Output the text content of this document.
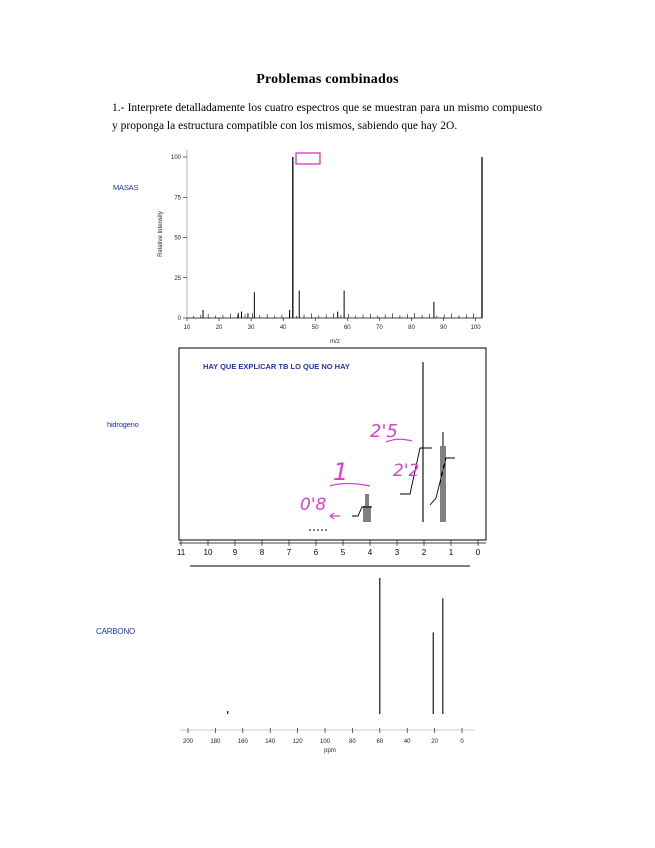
Problemas combinados
1.- Interprete detalladamente los cuatro espectros que se muestran para un mismo compuesto y proponga la estructura compatible con los mismos, sabiendo que hay 2O.
MASAS
hidrogeno
CARBONO
100
75
50
25
0
10	20	30	40	50	60	70	80	90	100
m/z
Relative Intensity
HAY QUE EXPLICAR TB LO QUE NO HAY
11 10	9	8	7	6	5	4	3	2	1	0
0'8
1
2'5
2'2
200	180	160	140	120	100	80	60	40	20	0
ppm
